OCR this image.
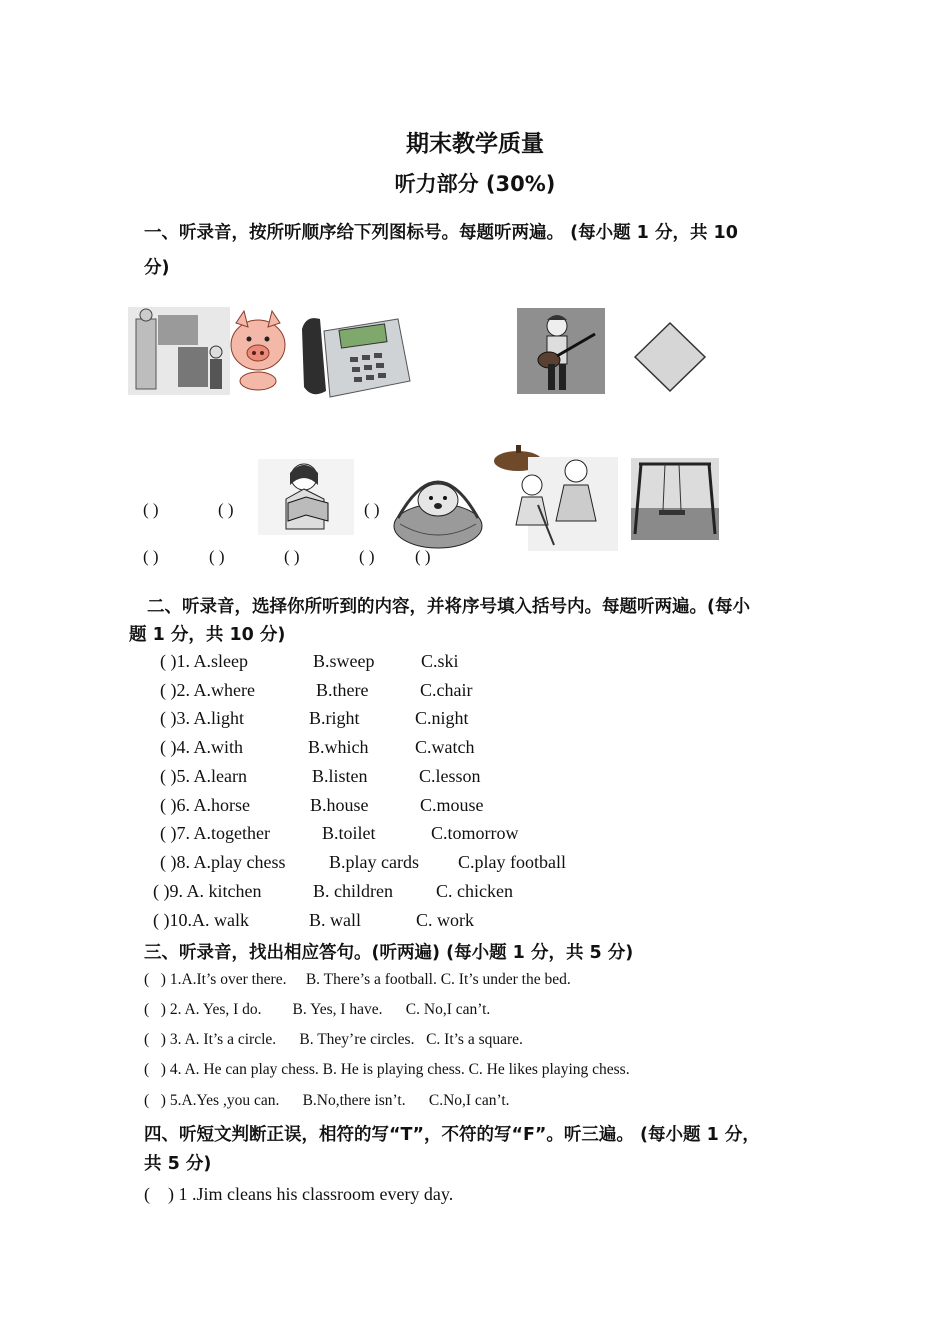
期末教学质量
听力部分 (30%)
一、听录音，按所听顺序给下列图标号。每题听两遍。 (每小题 1 分，共 10
分)
( )	( )	( )
( )	( )	( )	( ) ( )
二、听录音，选择你所听到的内容，并将序号填入括号内。每题听两遍。(每小
题 1 分，共 10 分)
( )1. A.sleep	B.sweep	C.ski
( )2. A.where	B.there	C.chair
( )3. A.light	B.right	C.night
( )4. A.with	B.which	C.watch
( )5. A.learn	B.listen	C.lesson
( )6. A.horse	B.house	C.mouse
( )7. A.together	B.toilet	C.tomorrow
( )8. A.play chess B.play cards C.play football
( )9. A. kitchen	B. children C. chicken
( )10.A. walk	B. wall	C. work
三、听录音，找出相应答句。(听两遍) (每小题 1 分，共 5 分)
(   ) 1.A.It’s over there.     B. There’s a football. C. It’s under the bed.
(   ) 2. A. Yes, I do.        B. Yes, I have.      C. No,I can’t.
(   ) 3. A. It’s a circle.      B. They’re circles.   C. It’s a square.
(   ) 4. A. He can play chess. B. He is playing chess. C. He likes playing chess.
(   ) 5.A.Yes ,you can.      B.No,there isn’t.      C.No,I can’t.
四、听短文判断正误，相符的写“T”，不符的写“F”。听三遍。 (每小题 1 分，
共 5 分)
(    ) 1 .Jim cleans his classroom every day.
